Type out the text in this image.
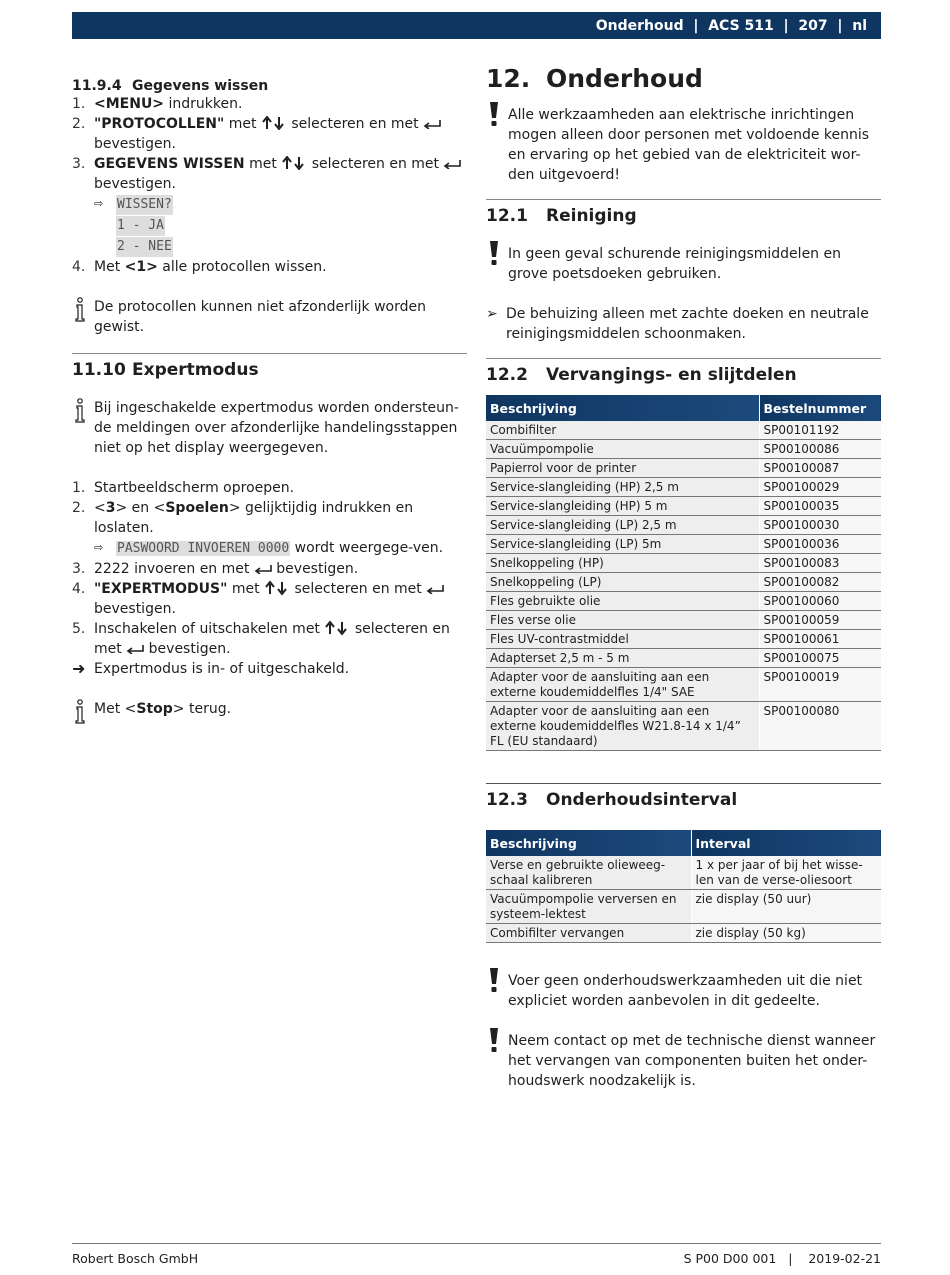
Onderhoud | ACS 511 | 207 | nl
11.9.4 Gegevens wissen
1. <MENU> indrukken.
2. "PROTOCOLLEN" met  selecteren en met
bevestigen.
3. GEGEVENS WISSEN met  selecteren en met
bevestigen.
⇨ WISSEN?
1 - JA
2 - NEE
4. Met <1> alle protocollen wissen.
De protocollen kunnen niet afzonderlijk worden gewist.
11.10 Expertmodus
Bij ingeschakelde expertmodus worden ondersteun-de meldingen over afzonderlijke handelingsstappen niet op het display weergegeven.
1. Startbeeldscherm oproepen.
2. <3> en <Spoelen> gelijktijdig indrukken en loslaten.
⇨ PASWOORD INVOEREN 0000 wordt weergege-ven.
3. 2222 invoeren en met  bevestigen.
4. "EXPERTMODUS" met  selecteren en met
bevestigen.
5. Inschakelen of uitschakelen met  selecteren en met  bevestigen.
➜ Expertmodus is in- of uitgeschakeld.
Met <Stop> terug.
12. Onderhoud
Alle werkzaamheden aan elektrische inrichtingen mogen alleen door personen met voldoende kennis en ervaring op het gebied van de elektriciteit wor-den uitgevoerd!
12.1 Reiniging
In geen geval schurende reinigingsmiddelen en grove poetsdoeken gebruiken.
➢ De behuizing alleen met zachte doeken en neutrale reinigingsmiddelen schoonmaken.
12.2 Vervangings- en slijtdelen
Beschrijving	Bestelnummer
Combifilter	SP00101192
Vacuümpompolie	SP00100086
Papierrol voor de printer	SP00100087
Service-slangleiding (HP) 2,5 m	SP00100029
Service-slangleiding (HP) 5 m	SP00100035
Service-slangleiding (LP) 2,5 m	SP00100030
Service-slangleiding (LP) 5m	SP00100036
Snelkoppeling (HP)	SP00100083
Snelkoppeling (LP)	SP00100082
Fles gebruikte olie	SP00100060
Fles verse olie	SP00100059
Fles UV-contrastmiddel	SP00100061
Adapterset 2,5 m - 5 m	SP00100075
Adapter voor de aansluiting aan een externe koudemiddelfles 1/4" SAE	SP00100019
Adapter voor de aansluiting aan een externe koudemiddelfles W21.8-14 x 1/4” FL (EU standaard)	SP00100080
12.3 Onderhoudsinterval
Beschrijving	Interval
Verse en gebruikte olieweeg-schaal kalibreren	1 x per jaar of bij het wisse-len van de verse-oliesoort
Vacuümpompolie verversen en systeem-lektest	zie display (50 uur)
Combifilter vervangen	zie display (50 kg)
Voer geen onderhoudswerkzaamheden uit die niet expliciet worden aanbevolen in dit gedeelte.
Neem contact op met de technische dienst wanneer het vervangen van componenten buiten het onder-houdswerk noodzakelijk is.
Robert Bosch GmbH	S P00 D00 001   |    2019-02-21
